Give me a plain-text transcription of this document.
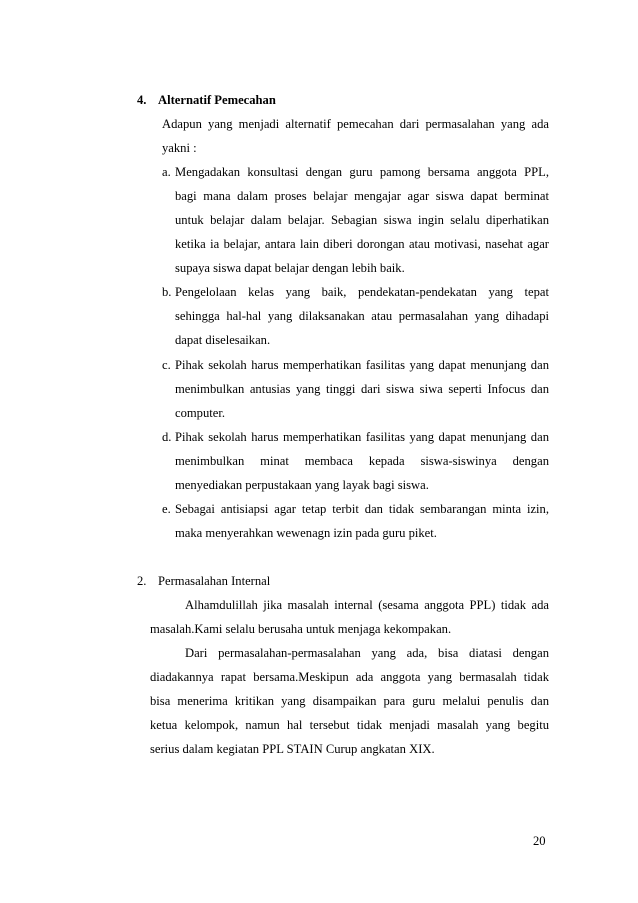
4. Alternatif Pemecahan
Adapun yang menjadi alternatif pemecahan dari permasalahan yang ada
yakni :
a. Mengadakan konsultasi dengan guru pamong bersama anggota PPL,
bagi mana dalam proses belajar mengajar agar siswa dapat berminat
untuk belajar dalam belajar. Sebagian siswa ingin selalu diperhatikan
ketika ia belajar, antara lain diberi dorongan atau motivasi, nasehat agar
supaya siswa dapat belajar dengan lebih baik.
b. Pengelolaan kelas yang baik, pendekatan-pendekatan yang tepat
sehingga hal-hal yang dilaksanakan atau permasalahan yang dihadapi
dapat diselesaikan.
c. Pihak sekolah harus memperhatikan fasilitas yang dapat menunjang dan
menimbulkan antusias yang tinggi dari siswa siwa seperti Infocus dan
computer.
d. Pihak sekolah harus memperhatikan fasilitas yang dapat menunjang dan
menimbulkan minat membaca kepada siswa-siswinya dengan
menyediakan perpustakaan yang layak bagi siswa.
e. Sebagai antisiapsi agar tetap terbit dan tidak sembarangan minta izin,
maka menyerahkan wewenagn izin pada guru piket.
2. Permasalahan Internal
Alhamdulillah jika masalah internal (sesama anggota PPL) tidak ada
masalah.Kami selalu berusaha untuk menjaga kekompakan.
Dari permasalahan-permasalahan yang ada, bisa diatasi dengan
diadakannya rapat bersama.Meskipun ada anggota yang bermasalah tidak
bisa menerima kritikan yang disampaikan para guru melalui penulis dan
ketua kelompok, namun hal tersebut tidak menjadi masalah yang begitu
serius dalam kegiatan PPL STAIN Curup angkatan XIX.
20
